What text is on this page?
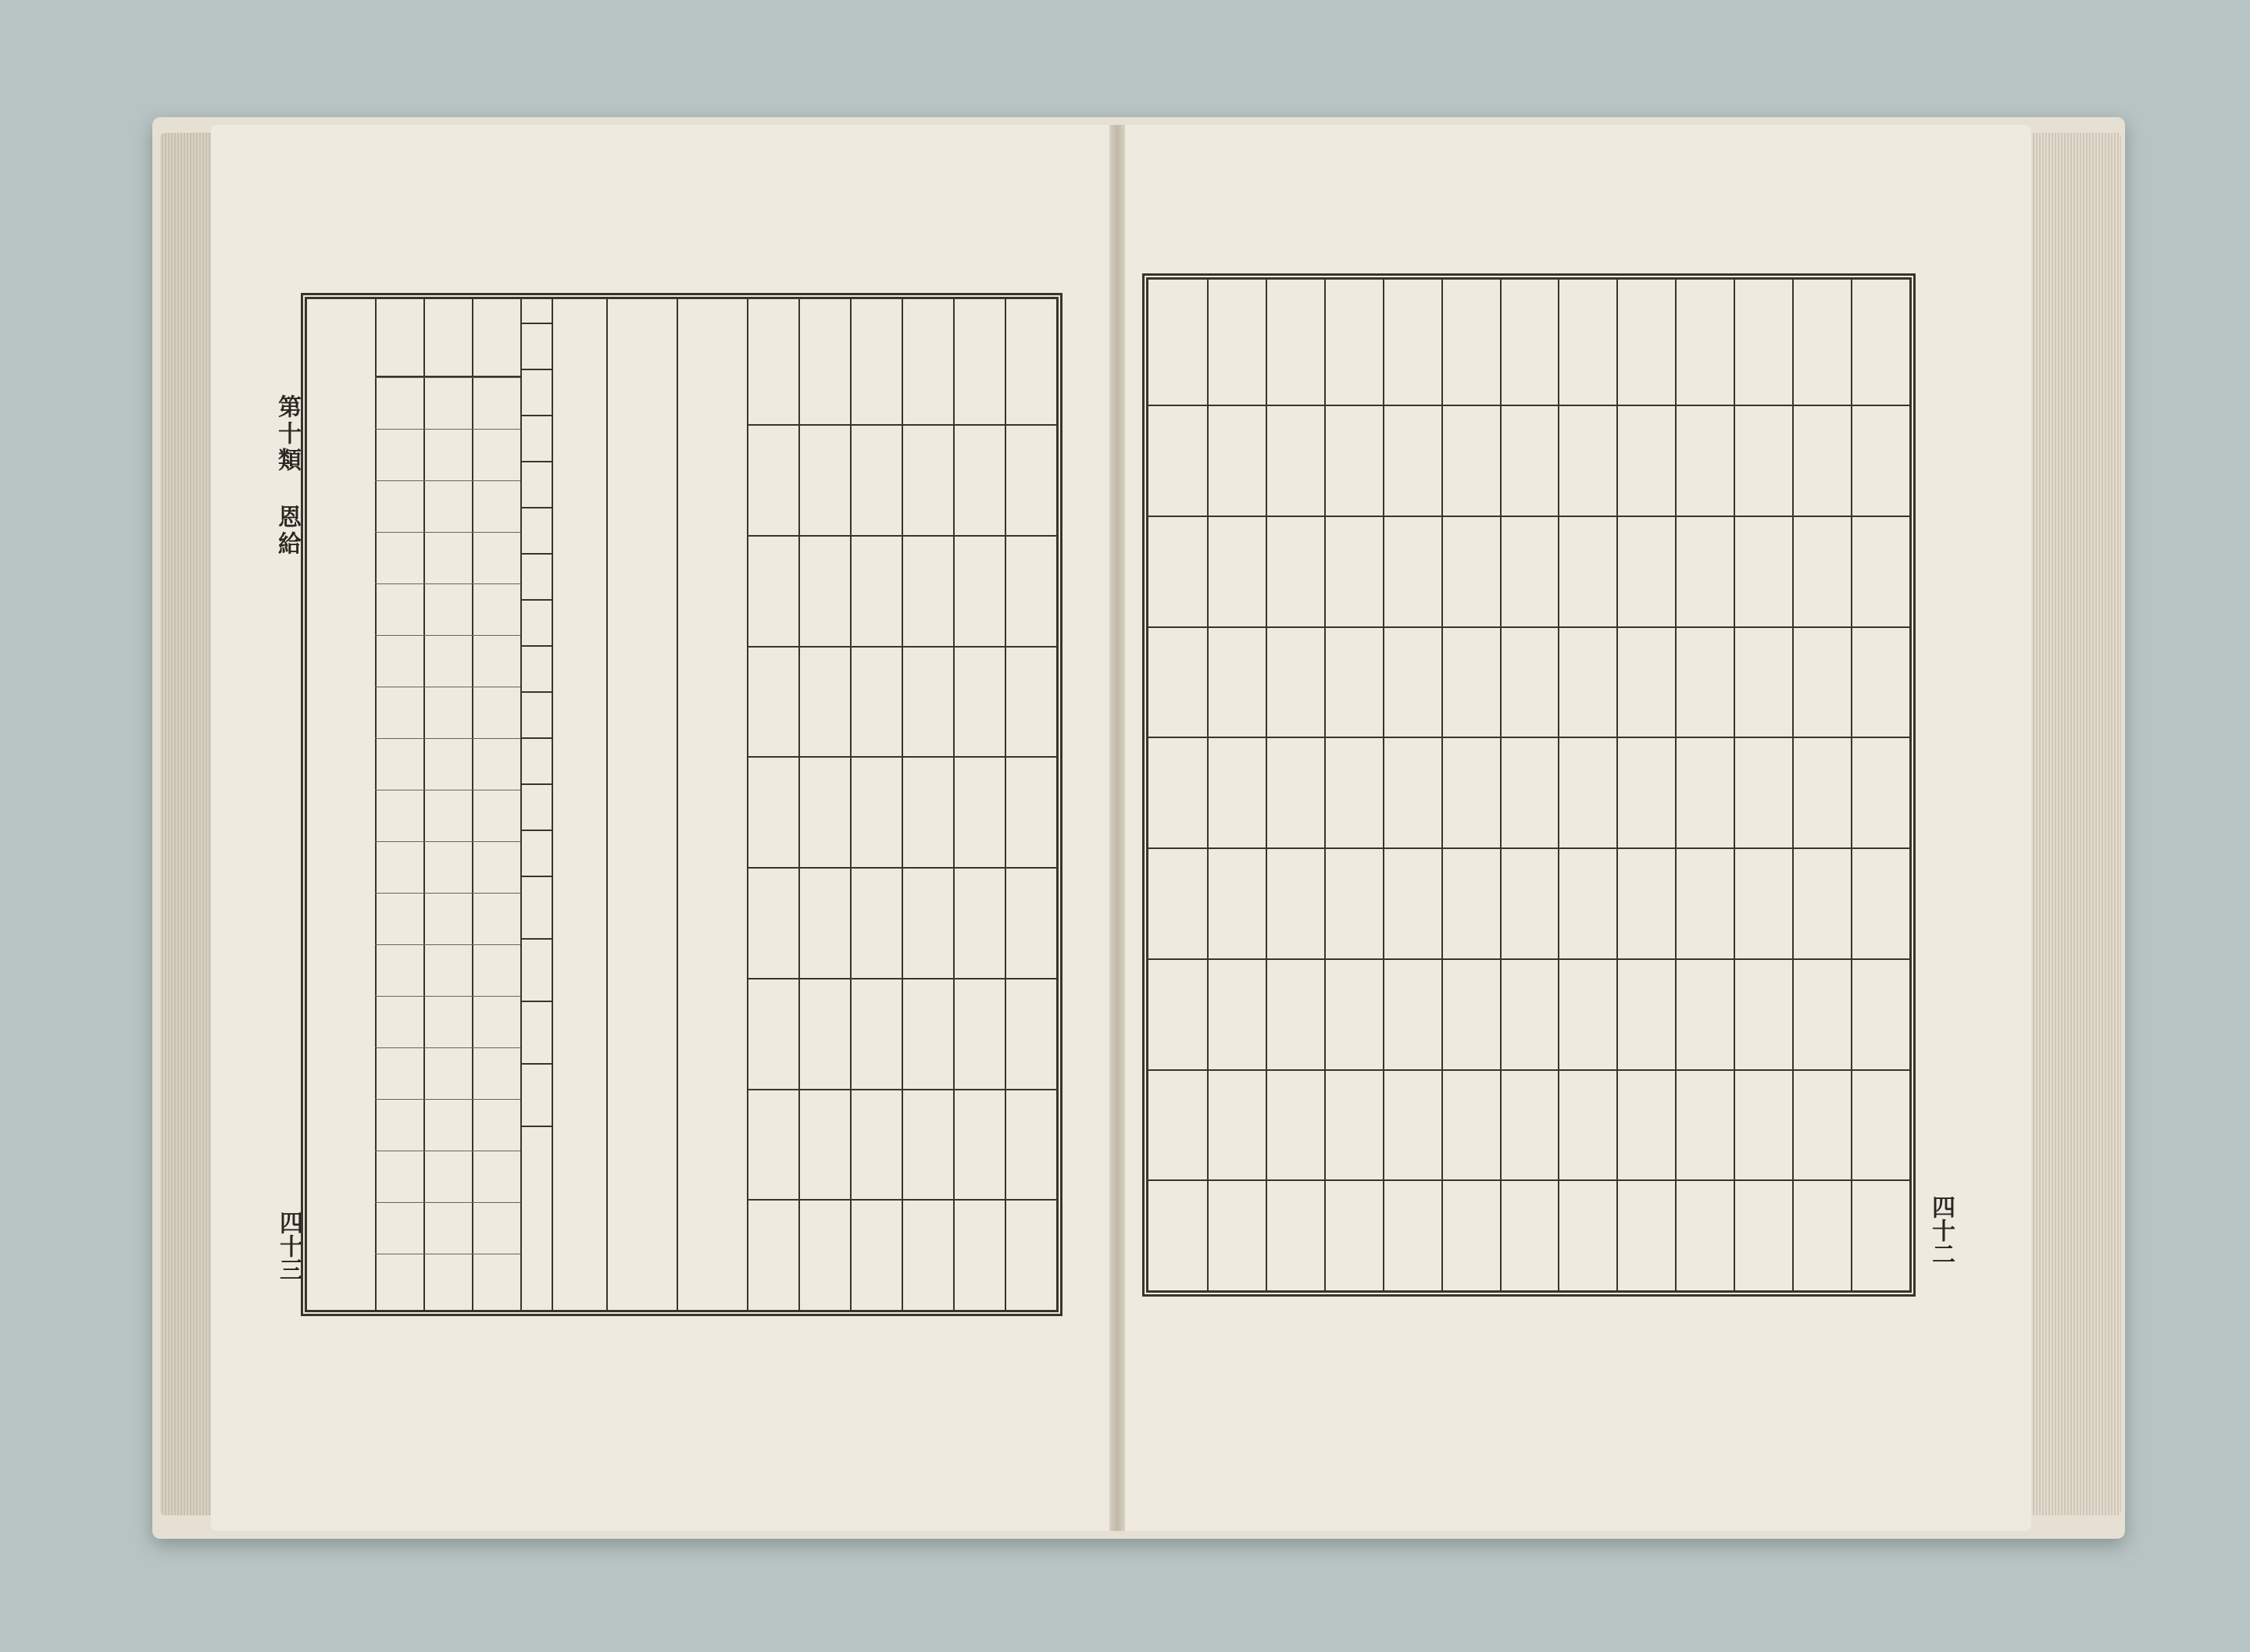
第十類 恩給
四十三	四十二
